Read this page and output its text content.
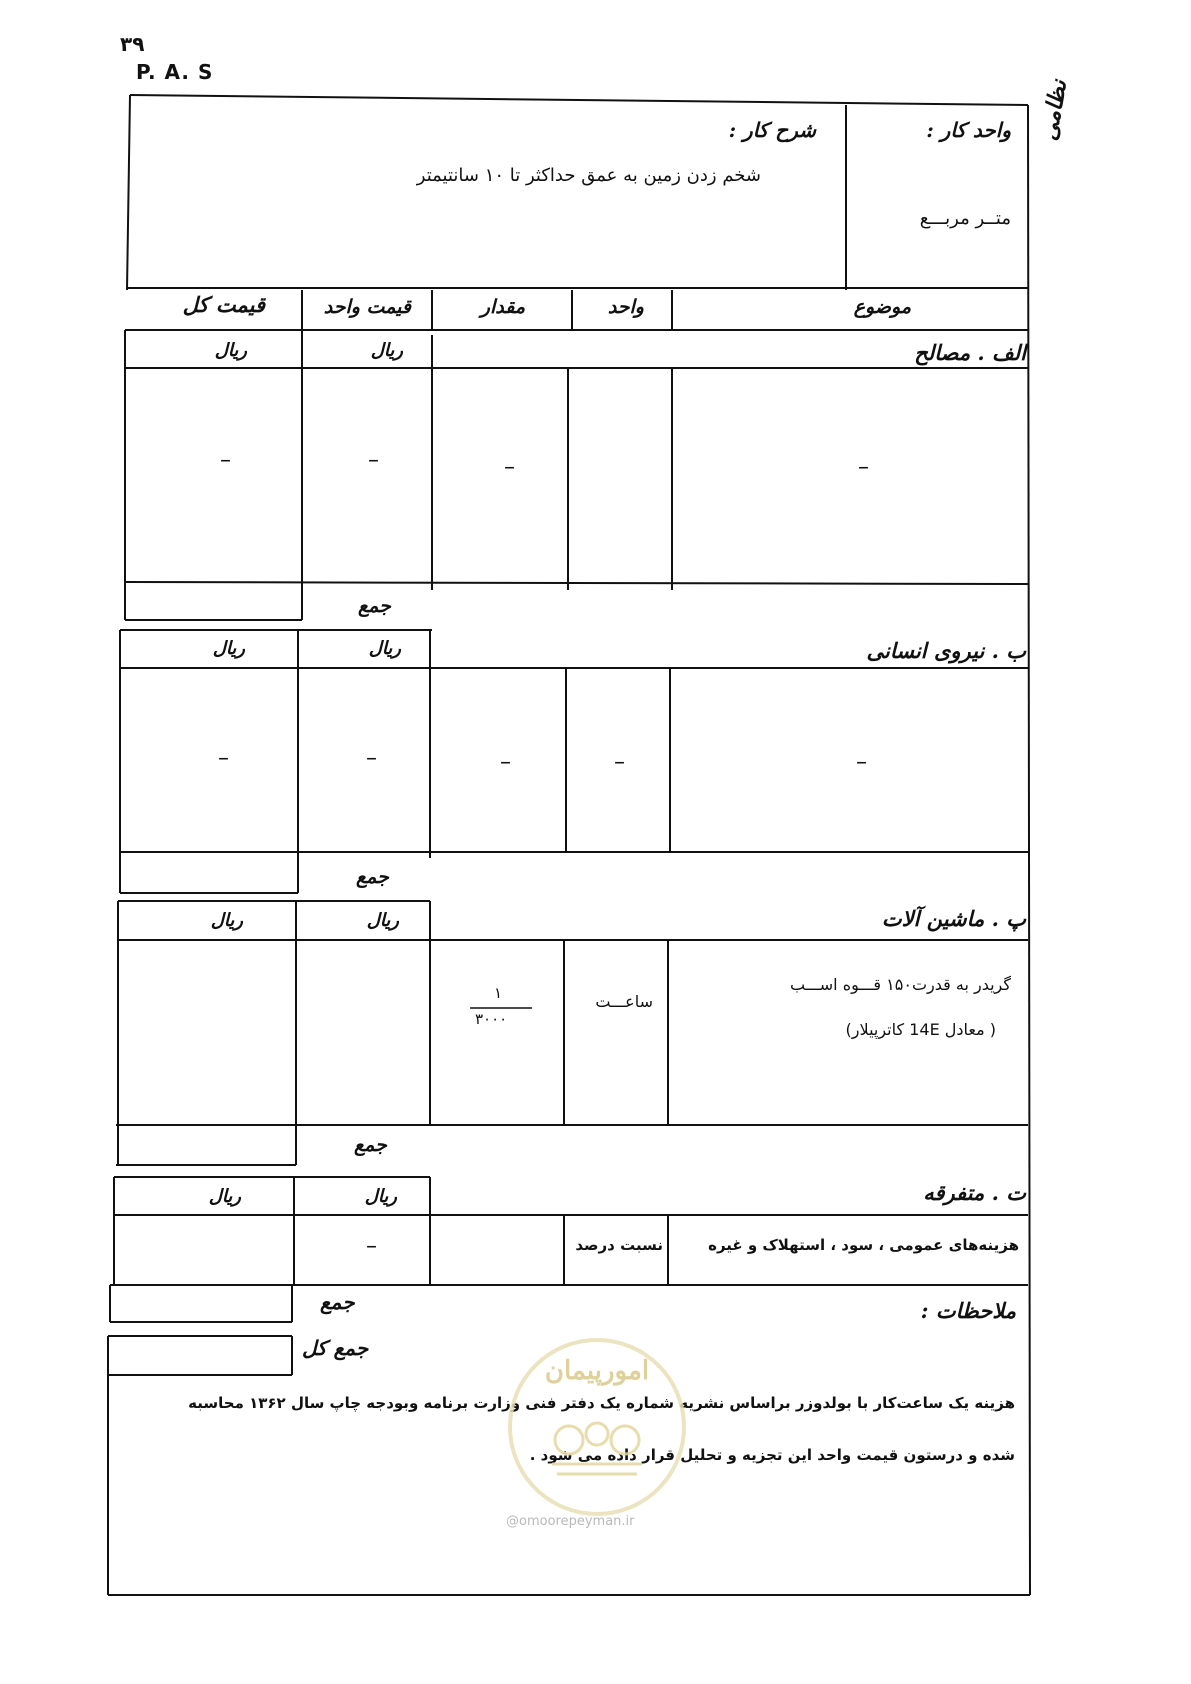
۳۹
P. A. S
نظامی
واحد کار :
متــر مربـــع
شرح کار :
شخم زدن زمین به عمق حداکثر تا ۱۰ سانتیمتر
موضوع
واحد
مقدار
قیمت واحد
قیمت کل
الف . مصالح
ریال
ریال
–
–
–
–
جمع
ب . نیروی انسانی
ریال
ریال
–
–
–
–
–
جمع
پ . ماشین آلات
ریال
ریال
گریدر به قدرت۱۵۰ قـــوه اســـب
( معادل 14E کاترپیلار)
ساعـــت
۱
۳۰۰۰
جمع
ت . متفرقه
ریال
ریال
هزینه‌های عمومی ، سود ، استهلاک و غیره
نسبت درصد
–
ملاحظات :
جمع
جمع کل
هزینه یک ساعت‌کار با بولدوزر براساس نشریه شماره یک دفتر فنی وزارت برنامه وبودجه چاپ سال ۱۳۶۲ محاسبه
شده و درستون قیمت واحد این تجزیه و تحلیل قرار داده می شود .
امورپیمان
@omoorepeyman.ir
